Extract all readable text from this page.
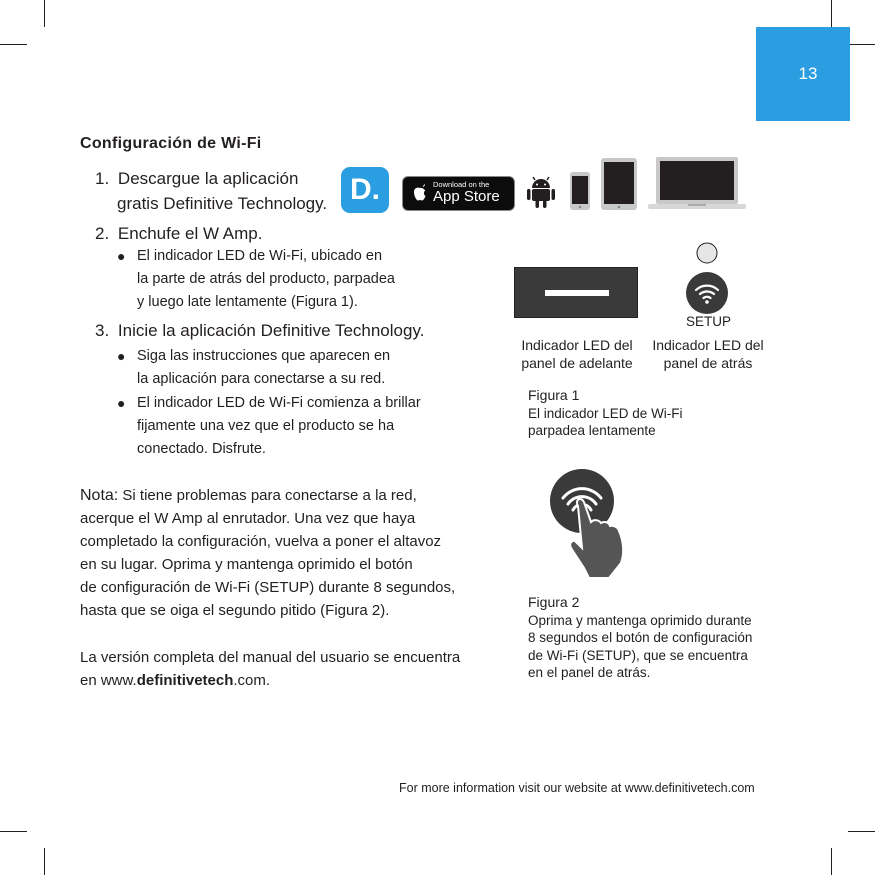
13
Configuración de Wi-Fi
1. Descargue la aplicación
gratis Definitive Technology. D.	Download on the
App Store
2. Enchufe el W Amp.
● El indicador LED de Wi-Fi, ubicado en
la parte de atrás del producto, parpadea
y luego late lentamente (Figura 1).
3. Inicie la aplicación Definitive Technology.
● Siga las instrucciones que aparecen en
la aplicación para conectarse a su red.
● El indicador LED de Wi-Fi comienza a brillar
fijamente una vez que el producto se ha
conectado. Disfrute.
Nota: Si tiene problemas para conectarse a la red,
acerque el W Amp al enrutador. Una vez que haya
completado la configuración, vuelva a poner el altavoz
en su lugar. Oprima y mantenga oprimido el botón
de configuración de Wi-Fi (SETUP) durante 8 segundos,
hasta que se oiga el segundo pitido (Figura 2).
La versión completa del manual del usuario se encuentra
en www.definitivetech.com.
SETUP
Indicador LED del
panel de adelante
Indicador LED del
panel de atrás
Figura 1
El indicador LED de Wi-Fi
parpadea lentamente
Figura 2
Oprima y mantenga oprimido durante
8 segundos el botón de configuración
de Wi-Fi (SETUP), que se encuentra
en el panel de atrás.
For more information visit our website at www.definitivetech.com
